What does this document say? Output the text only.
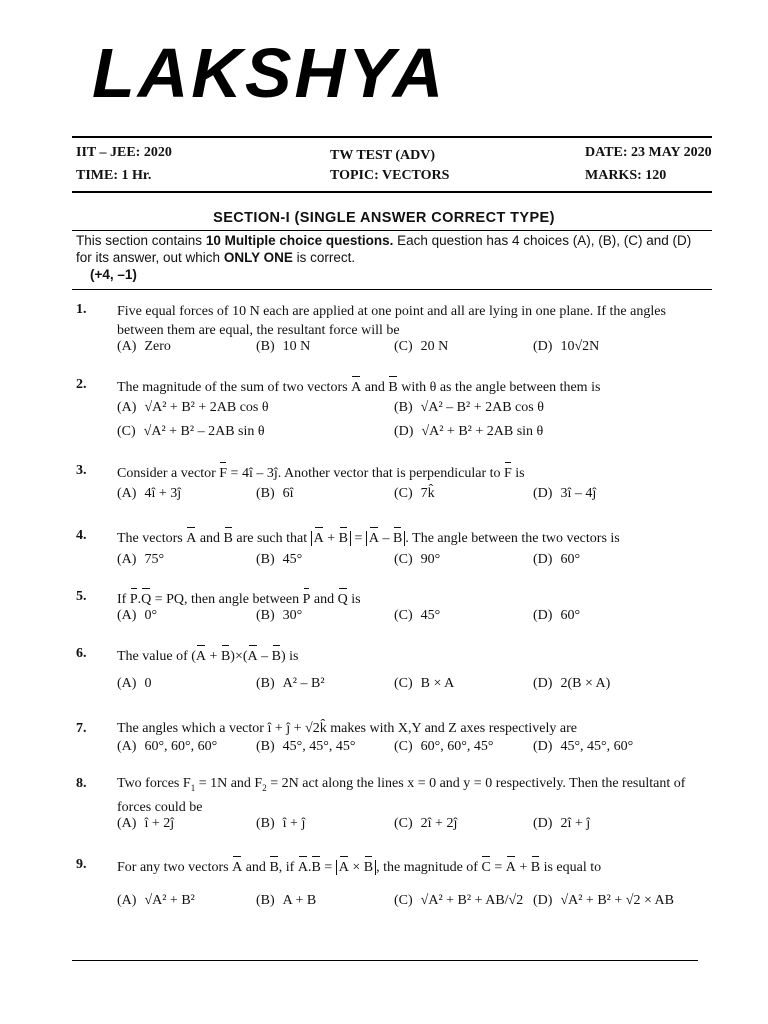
LAKSHYA
IIT – JEE: 2020	TW TEST (ADV)	DATE: 23 MAY 2020
TIME: 1 Hr.	TOPIC: VECTORS	MARKS: 120
SECTION-I (SINGLE ANSWER CORRECT TYPE)
This section contains 10 Multiple choice questions. Each question has 4 choices (A), (B), (C) and (D) for its answer, out which ONLY ONE is correct.
(+4, –1)
1. Five equal forces of 10 N each are applied at one point and all are lying in one plane. If the angles between them are equal, the resultant force will be
(A) Zero	(B) 10 N	(C) 20 N	(D) 10√2N
2. The magnitude of the sum of two vectors A and B with θ as the angle between them is
(A) √A² + B² + 2AB cos θ	(B) √A² – B² + 2AB cos θ
(C) √A² + B² – 2AB sin θ	(D) √A² + B² + 2AB sin θ
3. Consider a vector F = 4î – 3ĵ. Another vector that is perpendicular to F is
(A) 4î + 3ĵ	(B) 6î	(C) 7k̂	(D) 3î – 4ĵ
4. The vectors A and B are such that A + B = A – B . The angle between the two vectors is
(A) 75°	(B) 45°	(C) 90°	(D) 60°
5. If P.Q = PQ, then angle between P and Q is
(A) 0°	(B) 30°	(C) 45°	(D) 60°
6. The value of (A + B)×(A – B) is
(A) 0	(B) A² – B²	(C) B × A	(D) 2(B × A)
7. The angles which a vector î + ĵ + √2k̂ makes with X,Y and Z axes respectively are
(A) 60°, 60°, 60°	(B) 45°, 45°, 45°	(C) 60°, 60°, 45°	(D) 45°, 45°, 60°
8. Two forces $F_1 = 1N$ and $F_2 = 2N$ act along the lines x = 0 and y = 0 respectively. Then the resultant of forces could be
(A) î + 2ĵ	(B) î + ĵ	(C) 2î + 2ĵ	(D) 2î + ĵ
9. For any two vectors A and B, if A.B = A × B , the magnitude of C = A + B is equal to
(A) √A² + B²	(B) A + B	(C) √A² + B² + AB/√2 (D) √A² + B² + √2 × AB
